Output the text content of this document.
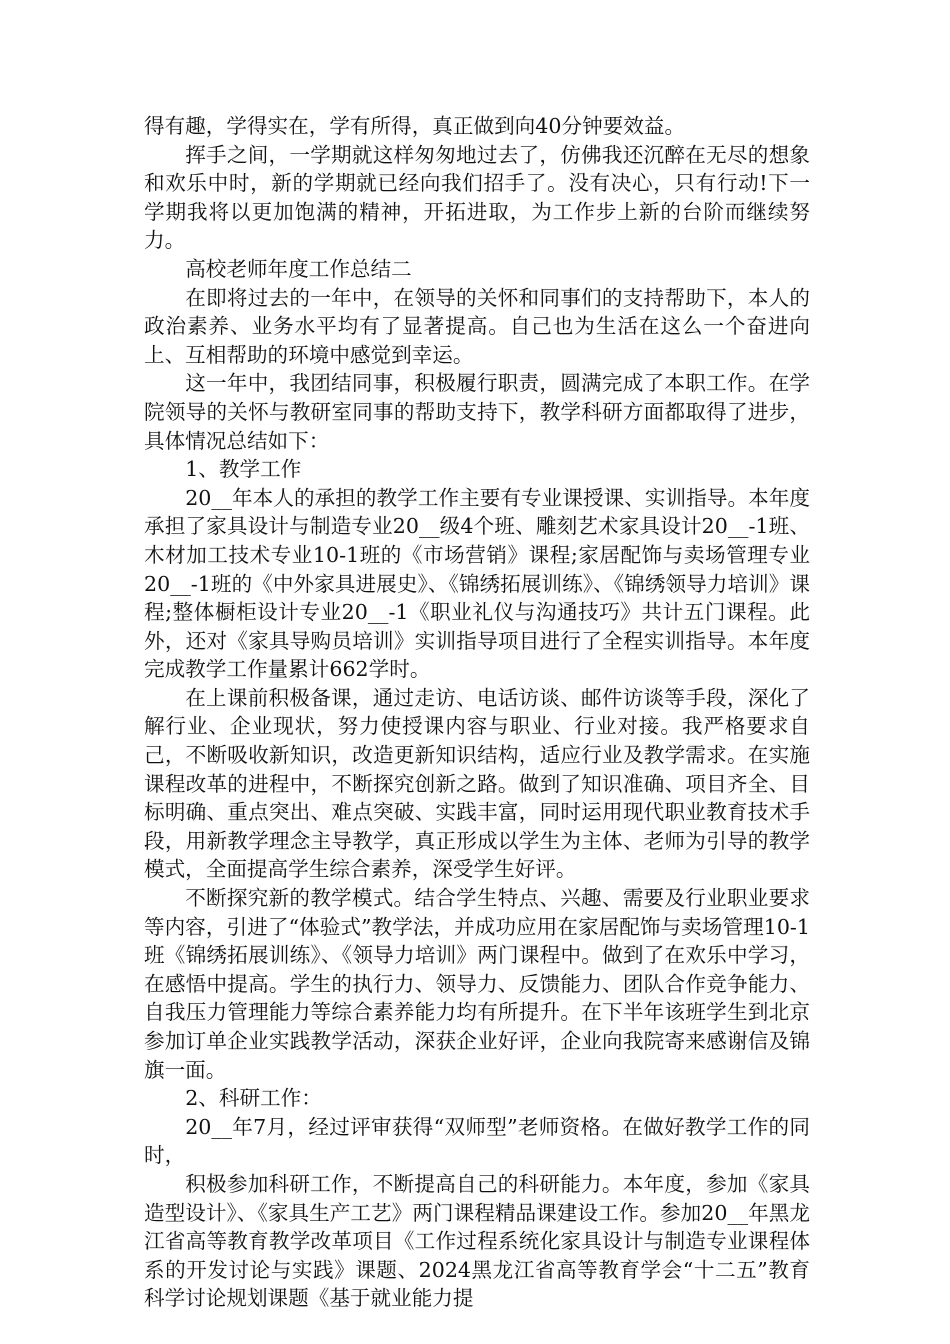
得有趣，学得实在，学有所得，真正做到向40分钟要效益。

挥手之间，一学期就这样匆匆地过去了，仿佛我还沉醉在无尽的想象和欢乐中时，新的学期就已经向我们招手了。没有决心，只有行动!下一学期我将以更加饱满的精神，开拓进取，为工作步上新的台阶而继续努力。

高校老师年度工作总结二

在即将过去的一年中，在领导的关怀和同事们的支持帮助下，本人的政治素养、业务水平均有了显著提高。自己也为生活在这么一个奋进向上、互相帮助的环境中感觉到幸运。

这一年中，我团结同事，积极履行职责，圆满完成了本职工作。在学院领导的关怀与教研室同事的帮助支持下，教学科研方面都取得了进步，具体情况总结如下：

1、教学工作

20__年本人的承担的教学工作主要有专业课授课、实训指导。本年度承担了家具设计与制造专业20__级4个班、雕刻艺术家具设计20__-1班、木材加工技术专业10-1班的《市场营销》课程;家居配饰与卖场管理专业20__-1班的《中外家具进展史》、《锦绣拓展训练》、《锦绣领导力培训》课程;整体橱柜设计专业20__-1《职业礼仪与沟通技巧》共计五门课程。此外，还对《家具导购员培训》实训指导项目进行了全程实训指导。本年度完成教学工作量累计662学时。

在上课前积极备课，通过走访、电话访谈、邮件访谈等手段，深化了解行业、企业现状，努力使授课内容与职业、行业对接。我严格要求自己，不断吸收新知识，改造更新知识结构，适应行业及教学需求。在实施课程改革的进程中，不断探究创新之路。做到了知识准确、项目齐全、目标明确、重点突出、难点突破、实践丰富，同时运用现代职业教育技术手段，用新教学理念主导教学，真正形成以学生为主体、老师为引导的教学模式，全面提高学生综合素养，深受学生好评。

不断探究新的教学模式。结合学生特点、兴趣、需要及行业职业要求等内容，引进了“体验式”教学法，并成功应用在家居配饰与卖场管理10-1班《锦绣拓展训练》、《领导力培训》两门课程中。做到了在欢乐中学习，在感悟中提高。学生的执行力、领导力、反馈能力、团队合作竞争能力、自我压力管理能力等综合素养能力均有所提升。在下半年该班学生到北京参加订单企业实践教学活动，深获企业好评，企业向我院寄来感谢信及锦旗一面。

2、科研工作：

20__年7月，经过评审获得“双师型”老师资格。在做好教学工作的同时，

积极参加科研工作，不断提高自己的科研能力。本年度，参加《家具造型设计》、《家具生产工艺》两门课程精品课建设工作。参加20__年黑龙江省高等教育教学改革项目《工作过程系统化家具设计与制造专业课程体系的开发讨论与实践》课题、2024黑龙江省高等教育学会“十二五”教育科学讨论规划课题《基于就业能力提
